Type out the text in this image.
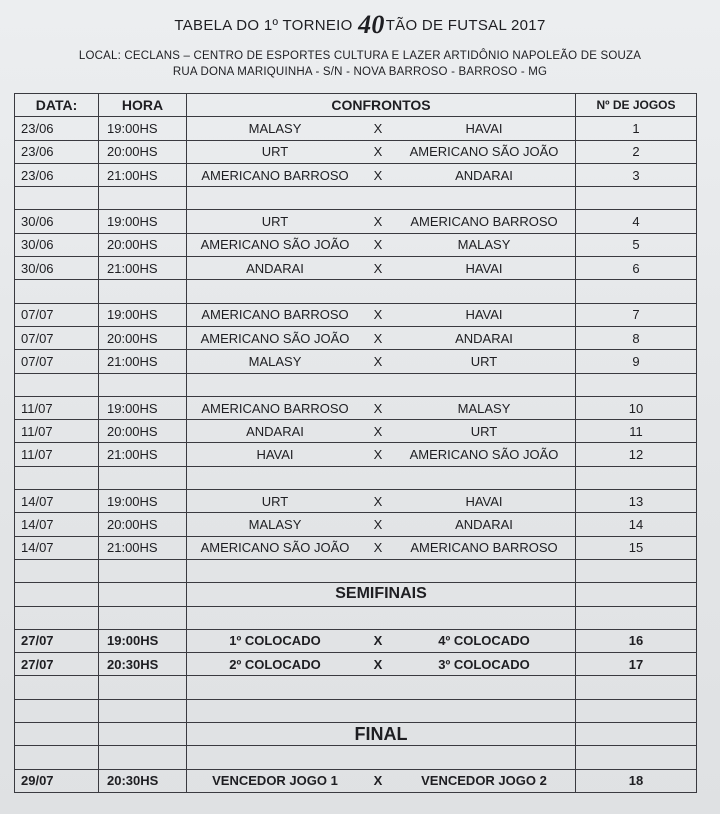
TABELA DO 1º TORNEIO 40TÃO DE FUTSAL 2017
LOCAL: CECLANS – CENTRO DE ESPORTES CULTURA E LAZER ARTIDÔNIO NAPOLEÃO DE SOUZA
RUA DONA MARIQUINHA - S/N - NOVA BARROSO - BARROSO - MG
DATA:	HORA	CONFRONTOS	Nº DE JOGOS
23/06	19:00HS	MALASY X HAVAI	1
23/06	20:00HS	URT X AMERICANO SÃO JOÃO	2
23/06	21:00HS	AMERICANO BARROSO X ANDARAI	3

30/06	19:00HS	URT X AMERICANO BARROSO	4
30/06	20:00HS	AMERICANO SÃO JOÃO X MALASY	5
30/06	21:00HS	ANDARAI X HAVAI	6

07/07	19:00HS	AMERICANO BARROSO X HAVAI	7
07/07	20:00HS	AMERICANO SÃO JOÃO X ANDARAI	8
07/07	21:00HS	MALASY X URT	9

11/07	19:00HS	AMERICANO BARROSO X MALASY	10
11/07	20:00HS	ANDARAI X URT	11
11/07	21:00HS	HAVAI X AMERICANO SÃO JOÃO	12

14/07	19:00HS	URT X HAVAI	13
14/07	20:00HS	MALASY X ANDARAI	14
14/07	21:00HS	AMERICANO SÃO JOÃO X AMERICANO BARROSO	15

		SEMIFINAIS	

27/07	19:00HS	1º COLOCADO X 4º COLOCADO	16
27/07	20:30HS	2º COLOCADO X 3º COLOCADO	17

		FINAL	

29/07	20:30HS	VENCEDOR JOGO 1 X VENCEDOR JOGO 2	18
